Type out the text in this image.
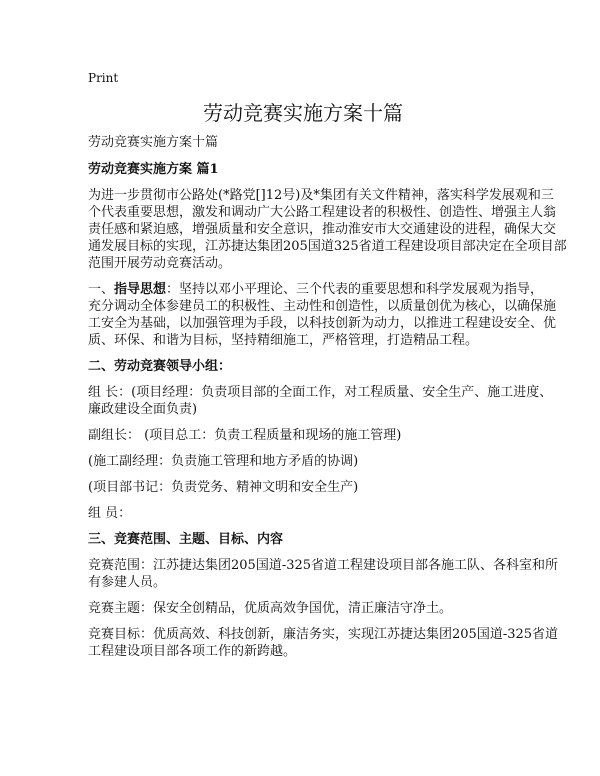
Print
劳动竞赛实施方案十篇

劳动竞赛实施方案十篇

劳动竞赛实施方案 篇1

为进一步贯彻市公路处(*路党[]12号)及*集团有关文件精神，落实科学发展观和三
个代表重要思想，激发和调动广大公路工程建设者的积极性、创造性、增强主人翁
责任感和紧迫感，增强质量和安全意识，推动淮安市大交通建设的进程，确保大交
通发展目标的实现，江苏捷达集团205国道325省道工程建设项目部决定在全项目部
范围开展劳动竞赛活动。

一、指导思想：坚持以邓小平理论、三个代表的重要思想和科学发展观为指导，
充分调动全体参建员工的积极性、主动性和创造性，以质量创优为核心，以确保施
工安全为基础，以加强管理为手段，以科技创新为动力，以推进工程建设安全、优
质、环保、和谐为目标，坚持精细施工，严格管理，打造精品工程。

二、劳动竞赛领导小组：

组 长：(项目经理：负责项目部的全面工作，对工程质量、安全生产、施工进度、
廉政建设全面负责)

副组长： (项目总工：负责工程质量和现场的施工管理)

(施工副经理：负责施工管理和地方矛盾的协调)

(项目部书记：负责党务、精神文明和安全生产)

组 员：

三、竞赛范围、主题、目标、内容

竞赛范围：江苏捷达集团205国道-325省道工程建设项目部各施工队、各科室和所
有参建人员。

竞赛主题：保安全创精品，优质高效争国优，清正廉洁守净土。

竞赛目标：优质高效、科技创新，廉洁务实，实现江苏捷达集团205国道-325省道
工程建设项目部各项工作的新跨越。
